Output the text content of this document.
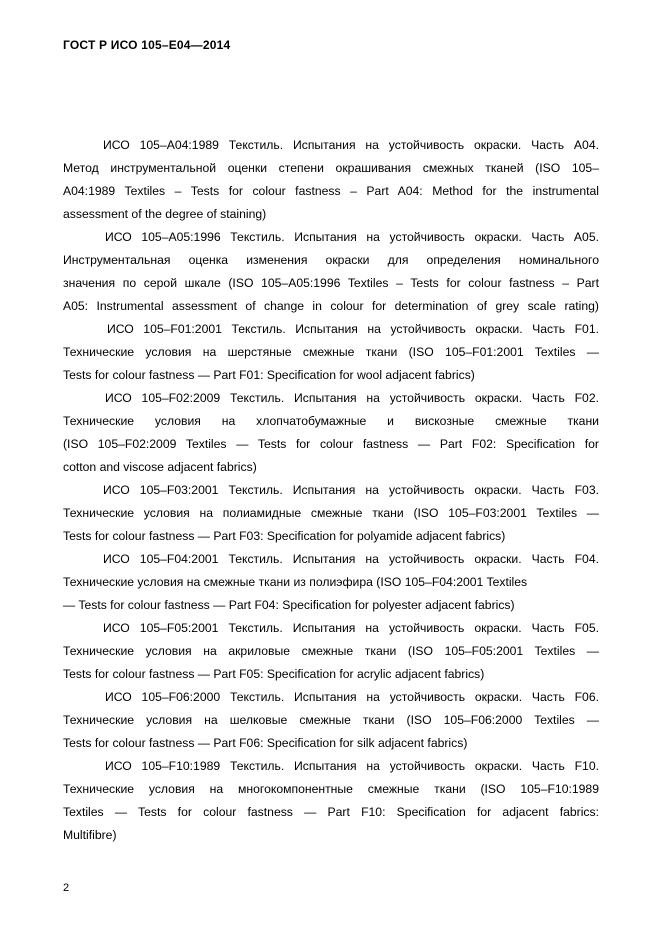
ГОСТ Р ИСО 105–E04—2014
ИСО 105–A04:1989 Текстиль. Испытания на устойчивость окраски. Часть A04.
Метод инструментальной оценки степени окрашивания смежных тканей (ISO 105–
A04:1989 Textiles – Tests for colour fastness – Part A04: Method for the instrumental
assessment of the degree of staining)
ИСО 105–A05:1996 Текстиль. Испытания на устойчивость окраски. Часть A05.
Инструментальная оценка изменения окраски для определения номинального
значения по серой шкале (ISO 105–A05:1996 Textiles – Tests for colour fastness – Part
A05: Instrumental assessment of change in colour for determination of grey scale rating)
ИСО 105–F01:2001 Текстиль. Испытания на устойчивость окраски. Часть F01.
Технические условия на шерстяные смежные ткани (ISO 105–F01:2001 Textiles —
Tests for colour fastness — Part F01: Specification for wool adjacent fabrics)
ИСО 105–F02:2009 Текстиль. Испытания на устойчивость окраски. Часть F02.
Технические условия на хлопчатобумажные и вискозные смежные ткани
(ISO 105–F02:2009 Textiles — Tests for colour fastness — Part F02: Specification for
cotton and viscose adjacent fabrics)
ИСО 105–F03:2001 Текстиль. Испытания на устойчивость окраски. Часть F03.
Технические условия на полиамидные смежные ткани (ISO 105–F03:2001 Textiles —
Tests for colour fastness — Part F03: Specification for polyamide adjacent fabrics)
ИСО 105–F04:2001 Текстиль. Испытания на устойчивость окраски. Часть F04.
Технические условия на смежные ткани из полиэфира (ISO 105–F04:2001 Textiles
— Tests for colour fastness — Part F04: Specification for polyester adjacent fabrics)
ИСО 105–F05:2001 Текстиль. Испытания на устойчивость окраски. Часть F05.
Технические условия на акриловые смежные ткани (ISO 105–F05:2001 Textiles —
Tests for colour fastness — Part F05: Specification for acrylic adjacent fabrics)
ИСО 105–F06:2000 Текстиль. Испытания на устойчивость окраски. Часть F06.
Технические условия на шелковые смежные ткани (ISO 105–F06:2000 Textiles —
Tests for colour fastness — Part F06: Specification for silk adjacent fabrics)
ИСО 105–F10:1989 Текстиль. Испытания на устойчивость окраски. Часть F10.
Технические условия на многокомпонентные смежные ткани (ISO 105–F10:1989
Textiles — Tests for colour fastness — Part F10: Specification for adjacent fabrics:
Multifibre)
2
